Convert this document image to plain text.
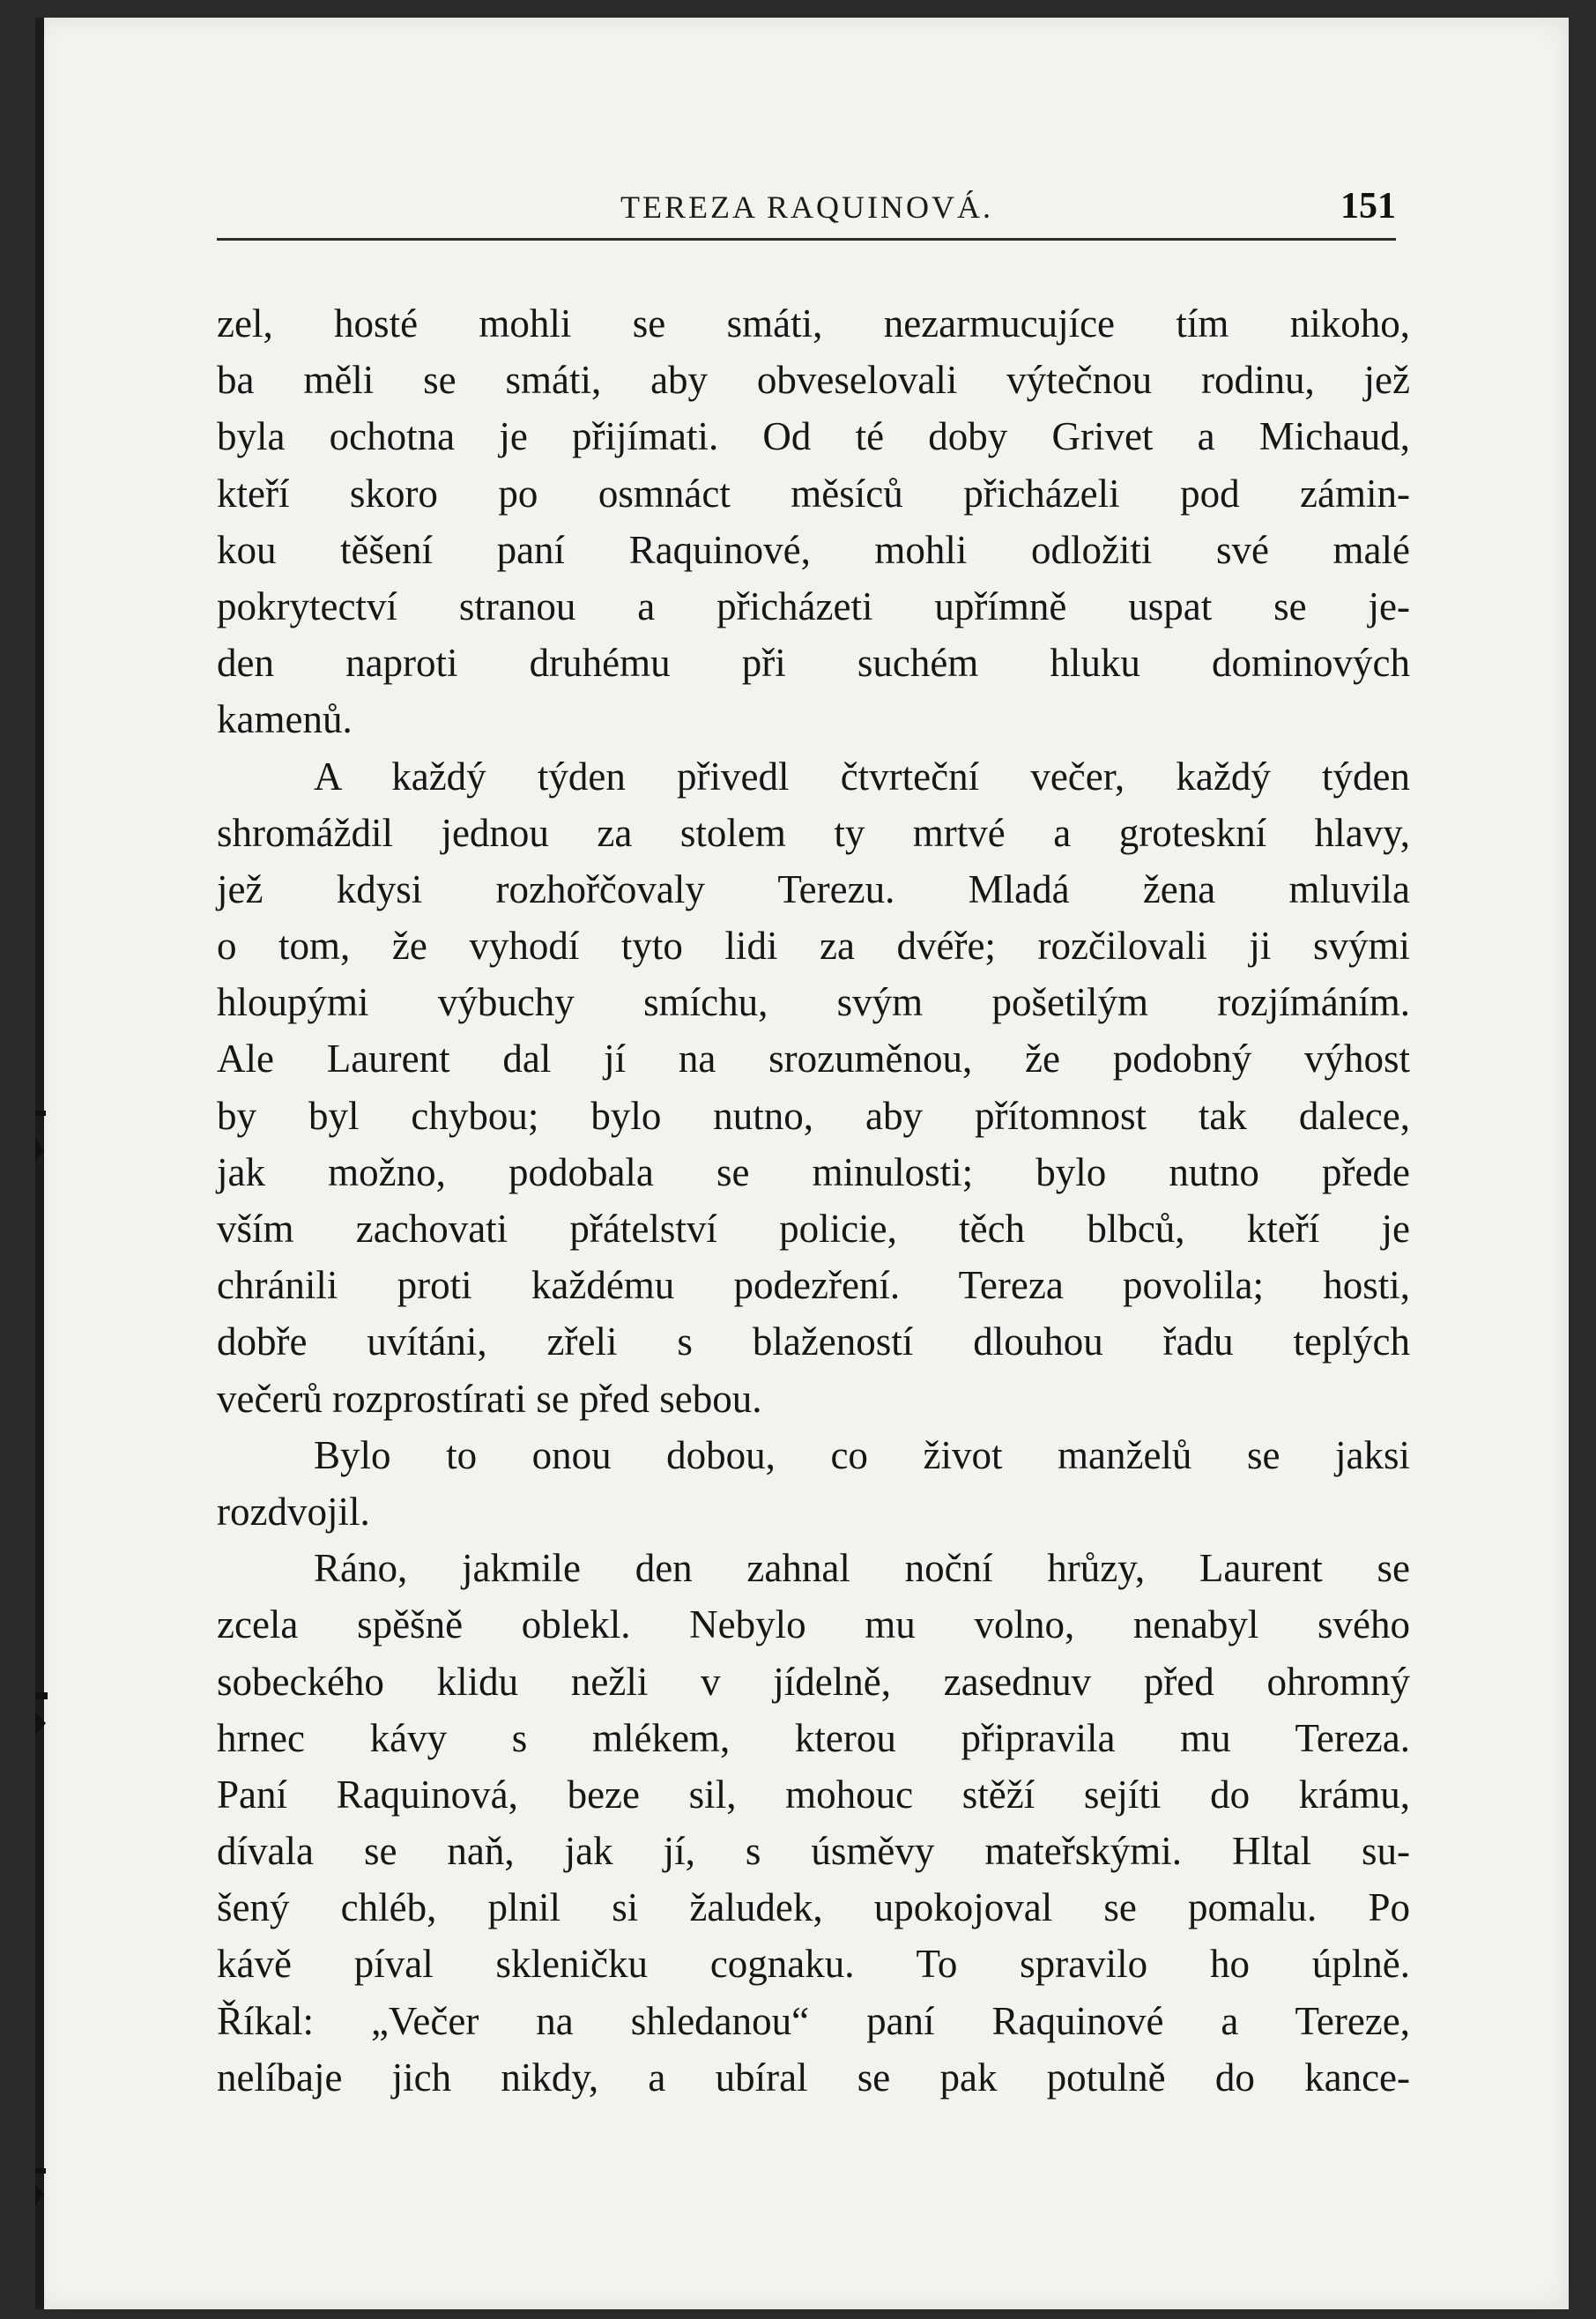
TEREZA RAQUINOVÁ.	151
zel, hosté mohli se smáti, nezarmucujíce tím nikoho,
ba měli se smáti, aby obveselovali výtečnou rodinu, jež
byla ochotna je přijímati. Od té doby Grivet a Michaud,
kteří skoro po osmnáct měsíců přicházeli pod zámin-
kou těšení paní Raquinové, mohli odložiti své malé
pokrytectví stranou a přicházeti upřímně uspat se je-
den naproti druhému při suchém hluku dominových
kamenů.
A každý týden přivedl čtvrteční večer, každý týden
shromáždil jednou za stolem ty mrtvé a groteskní hlavy,
jež kdysi rozhořčovaly Terezu. Mladá žena mluvila
o tom, že vyhodí tyto lidi za dvéře; rozčilovali ji svými
hloupými výbuchy smíchu, svým pošetilým rozjímáním.
Ale Laurent dal jí na srozuměnou, že podobný výhost
by byl chybou; bylo nutno, aby přítomnost tak dalece,
jak možno, podobala se minulosti; bylo nutno přede
vším zachovati přátelství policie, těch blbců, kteří je
chránili proti každému podezření. Tereza povolila; hosti,
dobře uvítáni, zřeli s blažeností dlouhou řadu teplých
večerů rozprostírati se před sebou.
Bylo to onou dobou, co život manželů se jaksi
rozdvojil.
Ráno, jakmile den zahnal noční hrůzy, Laurent se
zcela spěšně oblekl. Nebylo mu volno, nenabyl svého
sobeckého klidu nežli v jídelně, zasednuv před ohromný
hrnec kávy s mlékem, kterou připravila mu Tereza.
Paní Raquinová, beze sil, mohouc stěží sejíti do krámu,
dívala se naň, jak jí, s úsměvy mateřskými. Hltal su-
šený chléb, plnil si žaludek, upokojoval se pomalu. Po
kávě píval skleničku cognaku. To spravilo ho úplně.
Říkal: „Večer na shledanou“ paní Raquinové a Tereze,
nelíbaje jich nikdy, a ubíral se pak potulně do kance-
